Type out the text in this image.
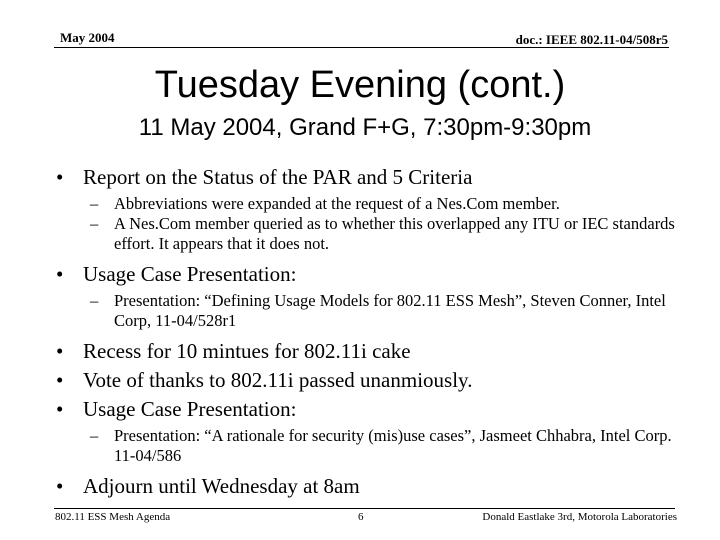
May 2004	doc.: IEEE 802.11-04/508r5
Tuesday Evening (cont.)
11 May 2004, Grand F+G, 7:30pm-9:30pm
• Report on the Status of the PAR and 5 Criteria
– Abbreviations were expanded at the request of a Nes.Com member.
– A Nes.Com member queried as to whether this overlapped any ITU or IEC standards effort. It appears that it does not.
• Usage Case Presentation:
– Presentation: “Defining Usage Models for 802.11 ESS Mesh”, Steven Conner, Intel Corp, 11-04/528r1
• Recess for 10 mintues for 802.11i cake
• Vote of thanks to 802.11i passed unanmiously.
• Usage Case Presentation:
– Presentation: “A rationale for security (mis)use cases”, Jasmeet Chhabra, Intel Corp. 11-04/586
• Adjourn until Wednesday at 8am
802.11 ESS Mesh Agenda	6	Donald Eastlake 3rd, Motorola Laboratories
